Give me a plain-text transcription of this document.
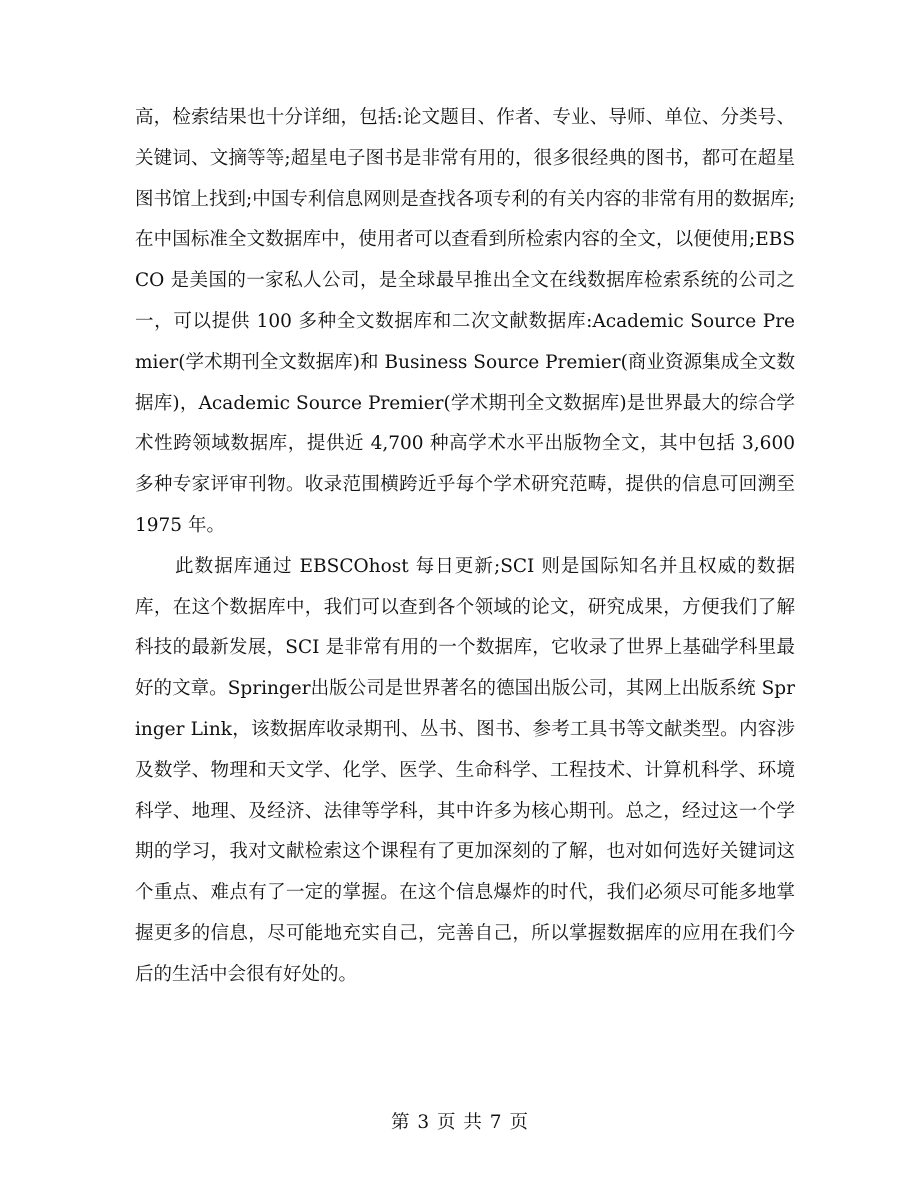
高，检索结果也十分详细，包括:论文题目、作者、专业、导师、单位、分类号、关键词、文摘等等;超星电子图书是非常有用的，很多很经典的图书，都可在超星图书馆上找到;中国专利信息网则是查找各项专利的有关内容的非常有用的数据库;在中国标准全文数据库中，使用者可以查看到所检索内容的全文，以便使用;EBSCO 是美国的一家私人公司，是全球最早推出全文在线数据库检索系统的公司之一，可以提供 100 多种全文数据库和二次文献数据库:Academic Source Premier(学术期刊全文数据库)和 Business Source Premier(商业资源集成全文数据库)，Academic Source Premier(学术期刊全文数据库)是世界最大的综合学术性跨领域数据库，提供近 4,700 种高学术水平出版物全文，其中包括 3,600 多种专家评审刊物。收录范围横跨近乎每个学术研究范畴，提供的信息可回溯至 1975 年。

此数据库通过 EBSCOhost 每日更新;SCI 则是国际知名并且权威的数据库，在这个数据库中，我们可以查到各个领域的论文，研究成果，方便我们了解科技的最新发展，SCI 是非常有用的一个数据库，它收录了世界上基础学科里最好的文章。Springer出版公司是世界著名的德国出版公司，其网上出版系统 Springer Link，该数据库收录期刊、丛书、图书、参考工具书等文献类型。内容涉及数学、物理和天文学、化学、医学、生命科学、工程技术、计算机科学、环境科学、地理、及经济、法律等学科，其中许多为核心期刊。总之，经过这一个学期的学习，我对文献检索这个课程有了更加深刻的了解，也对如何选好关键词这个重点、难点有了一定的掌握。在这个信息爆炸的时代，我们必须尽可能多地掌握更多的信息，尽可能地充实自己，完善自己，所以掌握数据库的应用在我们今后的生活中会很有好处的。

第 3 页 共 7 页
